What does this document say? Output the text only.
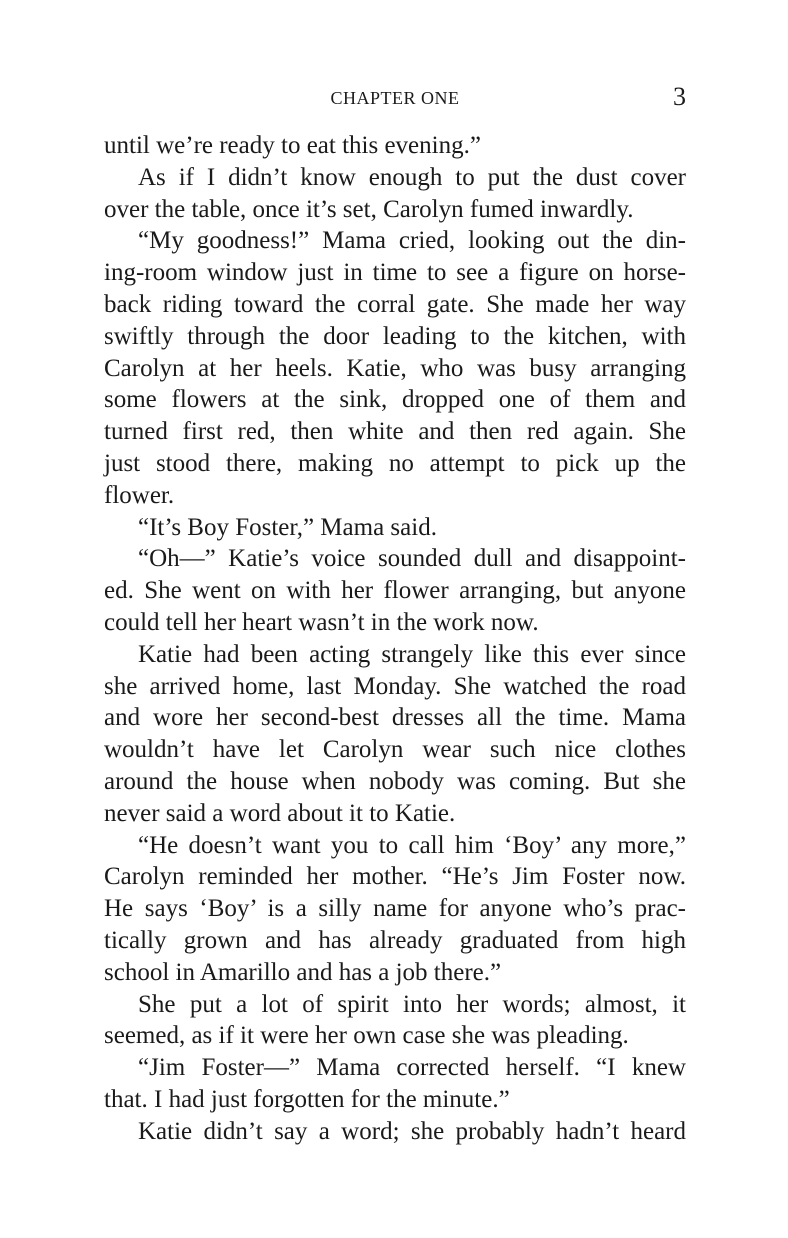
CHAPTER ONE	3
until we’re ready to eat this evening.”
As if I didn’t know enough to put the dust cover
over the table, once it’s set, Carolyn fumed inwardly.
“My goodness!” Mama cried, looking out the din-
ing-room window just in time to see a figure on horse-
back riding toward the corral gate. She made her way
swiftly through the door leading to the kitchen, with
Carolyn at her heels. Katie, who was busy arranging
some flowers at the sink, dropped one of them and
turned first red, then white and then red again. She
just stood there, making no attempt to pick up the
flower.
“It’s Boy Foster,” Mama said.
“Oh—” Katie’s voice sounded dull and disappoint-
ed. She went on with her flower arranging, but anyone
could tell her heart wasn’t in the work now.
Katie had been acting strangely like this ever since
she arrived home, last Monday. She watched the road
and wore her second-best dresses all the time. Mama
wouldn’t have let Carolyn wear such nice clothes
around the house when nobody was coming. But she
never said a word about it to Katie.
“He doesn’t want you to call him ‘Boy’ any more,”
Carolyn reminded her mother. “He’s Jim Foster now.
He says ‘Boy’ is a silly name for anyone who’s prac-
tically grown and has already graduated from high
school in Amarillo and has a job there.”
She put a lot of spirit into her words; almost, it
seemed, as if it were her own case she was pleading.
“Jim Foster—” Mama corrected herself. “I knew
that. I had just forgotten for the minute.”
Katie didn’t say a word; she probably hadn’t heard
